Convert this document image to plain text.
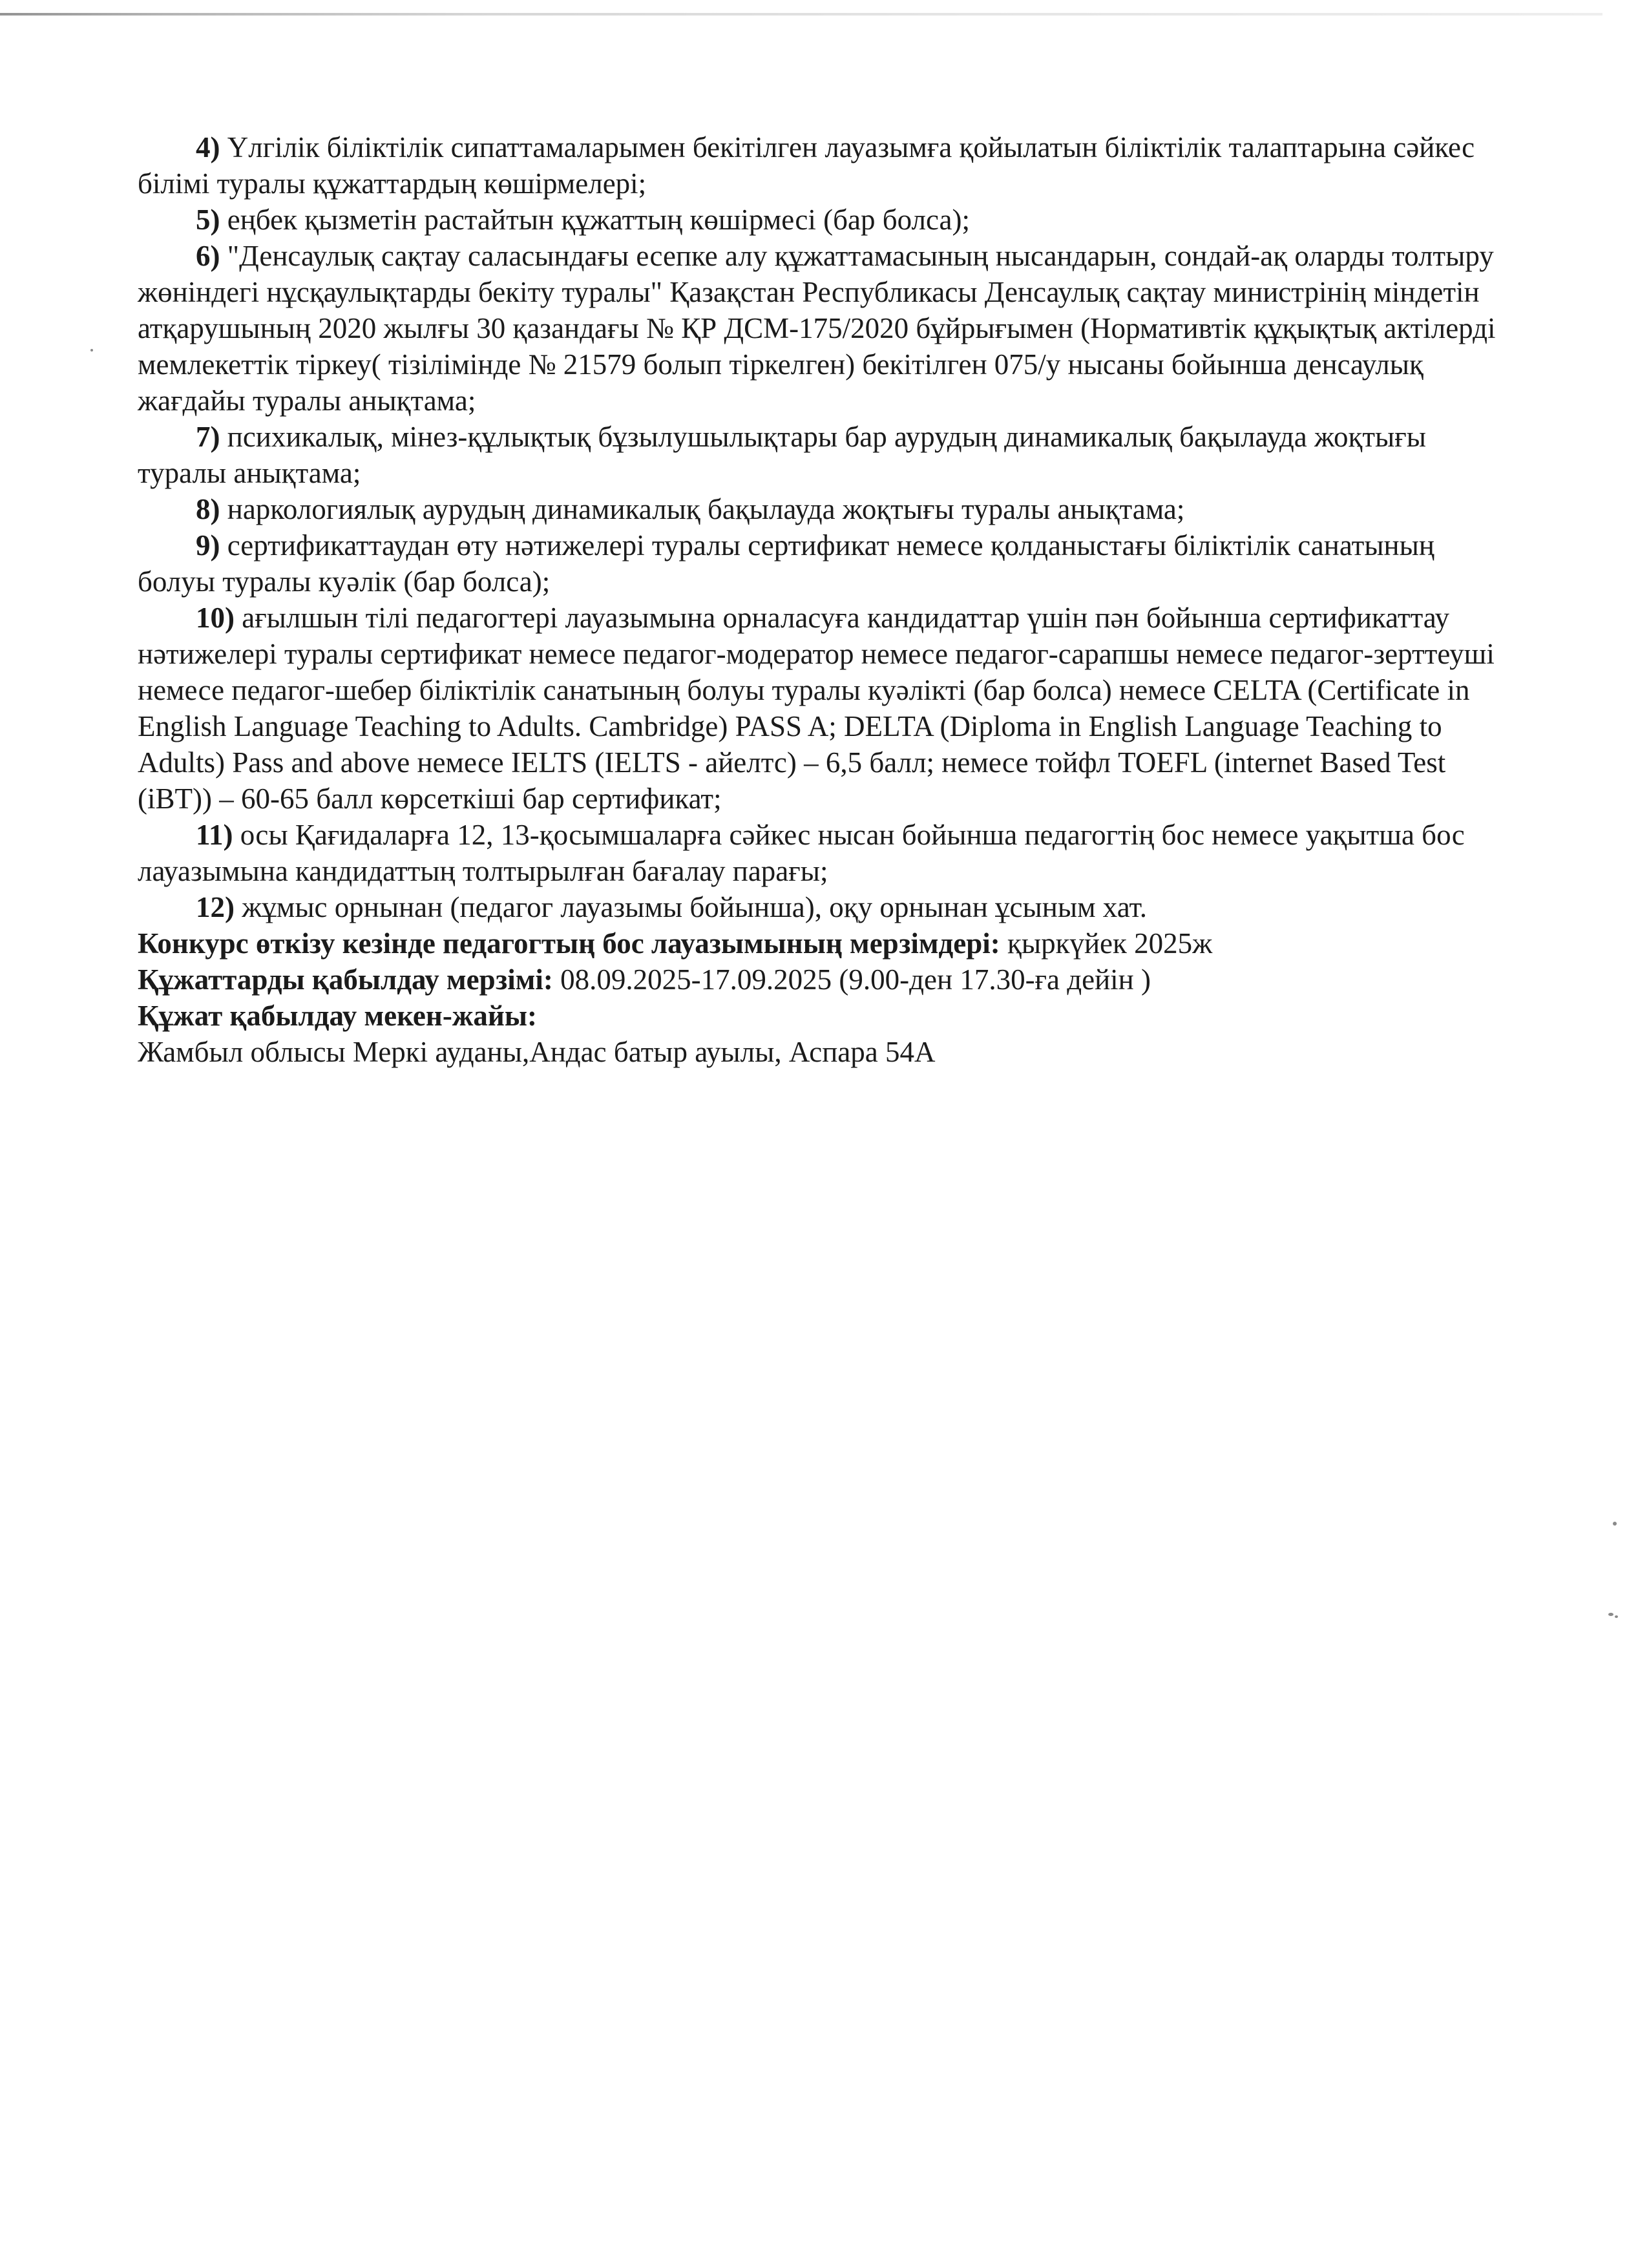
4) Үлгілік біліктілік сипаттамаларымен бекітілген лауазымға қойылатын біліктілік талаптарына сәйкес білімі туралы құжаттардың көшірмелері;

5) еңбек қызметін растайтын құжаттың көшірмесі (бар болса);

6) "Денсаулық сақтау саласындағы есепке алу құжаттамасының нысандарын, сондай-ақ оларды толтыру жөніндегі нұсқаулықтарды бекіту туралы" Қазақстан Республикасы Денсаулық сақтау министрінің міндетін атқарушының 2020 жылғы 30 қазандағы № ҚР ДСМ-175/2020 бұйрығымен (Нормативтік құқықтық актілерді мемлекеттік тіркеу( тізілімінде № 21579 болып тіркелген) бекітілген 075/у нысаны бойынша денсаулық жағдайы туралы анықтама;

7) психикалық, мінез-құлықтық бұзылушылықтары бар аурудың динамикалық бақылауда жоқтығы туралы анықтама;

8) наркологиялық аурудың динамикалық бақылауда жоқтығы туралы анықтама;

9) сертификаттаудан өту нәтижелері туралы сертификат немесе қолданыстағы біліктілік санатының болуы туралы куәлік (бар болса);

10) ағылшын тілі педагогтері лауазымына орналасуға кандидаттар үшін пән бойынша сертификаттау нәтижелері туралы сертификат немесе педагог-модератор немесе педагог-сарапшы немесе педагог-зерттеуші немесе педагог-шебер біліктілік санатының болуы туралы куәлікті (бар болса) немесе CELTA (Certificate in English Language Teaching to Adults. Cambridge) PASS A; DELTA (Diploma in English Language Teaching to Adults) Pass and above немесе IELTS (IELTS - айелтс) – 6,5 балл; немесе тойфл TOEFL (internet Based Test (iBT)) – 60-65 балл көрсеткіші бар сертификат;

11) осы Қағидаларға 12, 13-қосымшаларға сәйкес нысан бойынша педагогтің бос немесе уақытша бос лауазымына кандидаттың толтырылған бағалау парағы;

12) жұмыс орнынан (педагог лауазымы бойынша), оқу орнынан ұсыным хат.

Конкурс өткізу кезінде педагогтың бос лауазымының мерзімдері: қыркүйек 2025ж

Құжаттарды қабылдау мерзімі: 08.09.2025-17.09.2025 (9.00-ден 17.30-ға дейін )

Құжат қабылдау мекен-жайы:

Жамбыл облысы Меркі ауданы,Андас батыр ауылы, Аспара 54А
